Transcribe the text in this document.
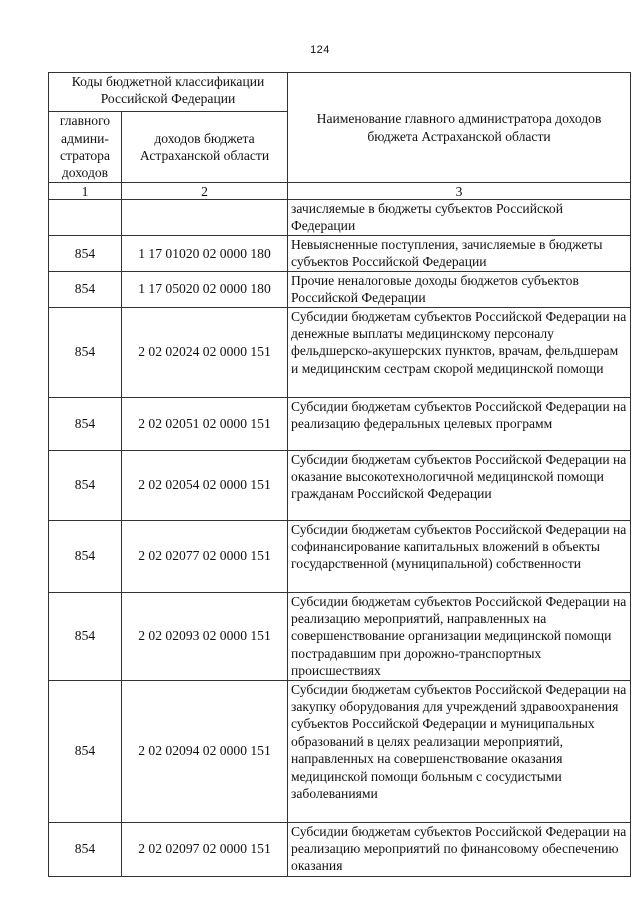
124
Коды бюджетной классификации Российской Федерации		Наименование главного администратора доходов бюджета Астраханской области
главного админи-стратора доходов	доходов бюджета Астраханской области	
1	2	3
		зачисляемые в бюджеты субъектов Российской Федерации
854	1 17 01020 02 0000 180	Невыясненные поступления, зачисляемые в бюджеты субъектов Российской Федерации
854	1 17 05020 02 0000 180	Прочие неналоговые доходы бюджетов субъектов Российской Федерации
854	2 02 02024 02 0000 151	Субсидии бюджетам субъектов Российской Федерации на денежные выплаты медицинскому персоналу фельдшерско-акушерских пунктов, врачам, фельдшерам и медицинским сестрам скорой медицинской помощи
854	2 02 02051 02 0000 151	Субсидии бюджетам субъектов Российской Федерации на реализацию федеральных целевых программ
854	2 02 02054 02 0000 151	Субсидии бюджетам субъектов Российской Федерации на оказание высокотехнологичной медицинской помощи гражданам Российской Федерации
854	2 02 02077 02 0000 151	Субсидии бюджетам субъектов Российской Федерации на софинансирование капитальных вложений в объекты государственной (муниципальной) собственности
854	2 02 02093 02 0000 151	Субсидии бюджетам субъектов Российской Федерации на реализацию мероприятий, направленных на совершенствование организации медицинской помощи пострадавшим при дорожно-транспортных происшествиях
854	2 02 02094 02 0000 151	Субсидии бюджетам субъектов Российской Федерации на закупку оборудования для учреждений здравоохранения субъектов Российской Федерации и муниципальных образований в целях реализации мероприятий, направленных на совершенствование оказания медицинской помощи больным с сосудистыми заболеваниями
854	2 02 02097 02 0000 151	Субсидии бюджетам субъектов Российской Федерации на реализацию мероприятий по финансовому обеспечению оказания
